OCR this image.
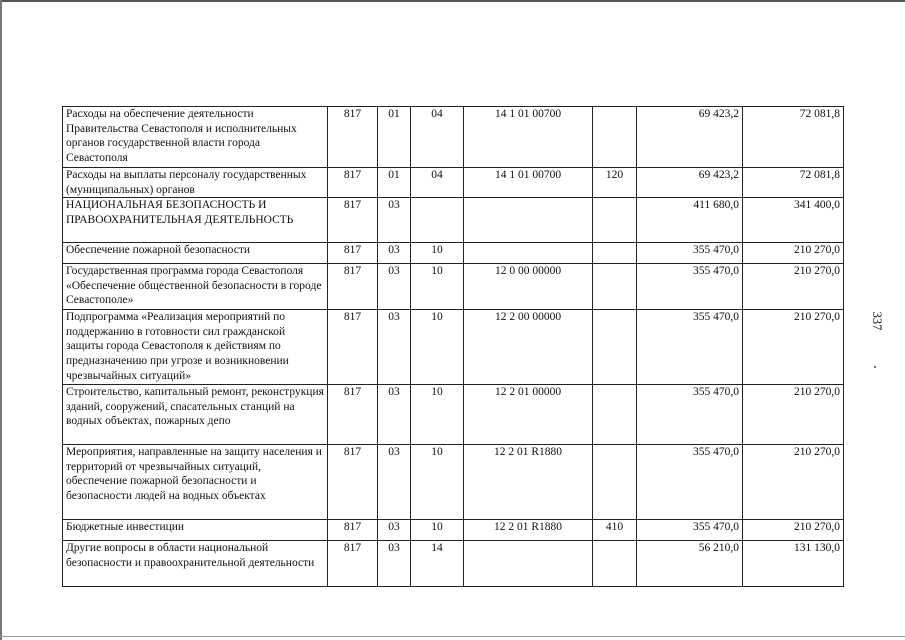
Расходы на обеспечение деятельности Правительства Севастополя и исполнительных органов государственной власти города Севастополя	817	01	04	14 1 01 00700		69 423,2	72 081,8
Расходы на выплаты персоналу государственных (муниципальных) органов	817	01	04	14 1 01 00700	120	69 423,2	72 081,8
НАЦИОНАЛЬНАЯ БЕЗОПАСНОСТЬ И ПРАВООХРАНИТЕЛЬНАЯ ДЕЯТЕЛЬНОСТЬ	817	03				411 680,0	341 400,0
Обеспечение пожарной безопасности	817	03	10			355 470,0	210 270,0
Государственная программа города Севастополя «Обеспечение общественной безопасности в городе Севастополе»	817	03	10	12 0 00 00000		355 470,0	210 270,0
Подпрограмма «Реализация мероприятий по поддержанию в готовности сил гражданской защиты города Севастополя к действиям по предназначению при угрозе и возникновении чрезвычайных ситуаций»	817	03	10	12 2 00 00000		355 470,0	210 270,0
Строительство, капитальный ремонт, реконструкция зданий, сооружений, спасательных станций на водных объектах, пожарных депо	817	03	10	12 2 01 00000		355 470,0	210 270,0
Мероприятия, направленные на защиту населения и территорий от чрезвычайных ситуаций, обеспечение пожарной безопасности и безопасности людей на водных объектах	817	03	10	12 2 01 R1880		355 470,0	210 270,0
Бюджетные инвестиции	817	03	10	12 2 01 R1880	410	355 470,0	210 270,0
Другие вопросы в области национальной безопасности и правоохранительной деятельности	817	03	14			56 210,0	131 130,0
337
